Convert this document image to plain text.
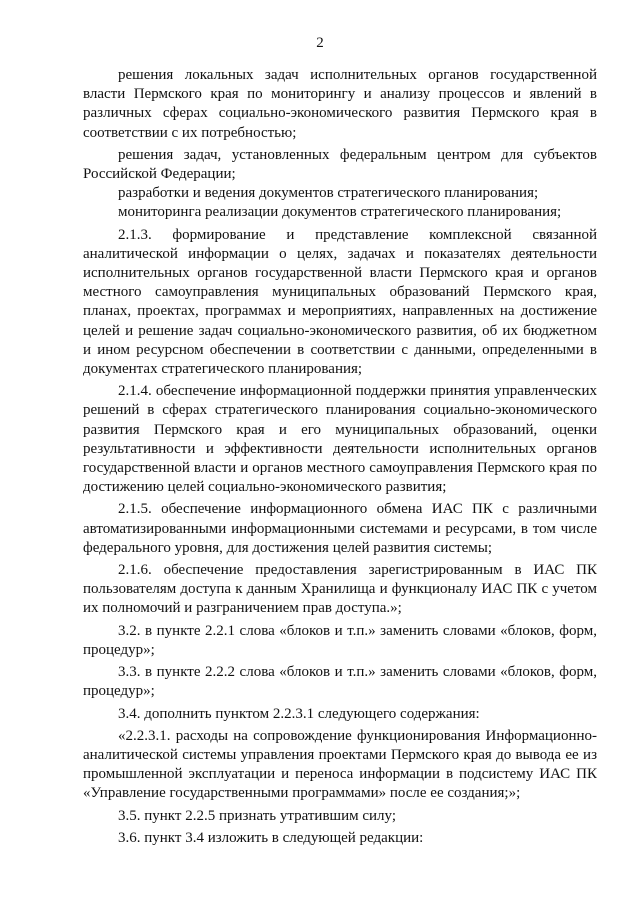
2

решения локальных задач исполнительных органов государственной власти Пермского края по мониторингу и анализу процессов и явлений в различных сферах социально-экономического развития Пермского края в соответствии с их потребностью;

решения задач, установленных федеральным центром для субъектов Российской Федерации;

разработки и ведения документов стратегического планирования;

мониторинга реализации документов стратегического планирования;

2.1.3. формирование и представление комплексной связанной аналитической информации о целях, задачах и показателях деятельности исполнительных органов государственной власти Пермского края и органов местного самоуправления муниципальных образований Пермского края, планах, проектах, программах и мероприятиях, направленных на достижение целей и решение задач социально-экономического развития, об их бюджетном и ином ресурсном обеспечении в соответствии с данными, определенными в документах стратегического планирования;

2.1.4. обеспечение информационной поддержки принятия управленческих решений в сферах стратегического планирования социально-экономического развития Пермского края и его муниципальных образований, оценки результативности и эффективности деятельности исполнительных органов государственной власти и органов местного самоуправления Пермского края по достижению целей социально-экономического развития;

2.1.5. обеспечение информационного обмена ИАС ПК с различными автоматизированными информационными системами и ресурсами, в том числе федерального уровня, для достижения целей развития системы;

2.1.6. обеспечение предоставления зарегистрированным в ИАС ПК пользователям доступа к данным Хранилища и функционалу ИАС ПК с учетом их полномочий и разграничением прав доступа.»;

3.2. в пункте 2.2.1 слова «блоков и т.п.» заменить словами «блоков, форм, процедур»;

3.3. в пункте 2.2.2 слова «блоков и т.п.» заменить словами «блоков, форм, процедур»;

3.4. дополнить пунктом 2.2.3.1 следующего содержания:

«2.2.3.1. расходы на сопровождение функционирования Информационно-аналитической системы управления проектами Пермского края до вывода ее из промышленной эксплуатации и переноса информации в подсистему ИАС ПК «Управление государственными программами» после ее создания;»;

3.5. пункт 2.2.5 признать утратившим силу;

3.6. пункт 3.4 изложить в следующей редакции:
